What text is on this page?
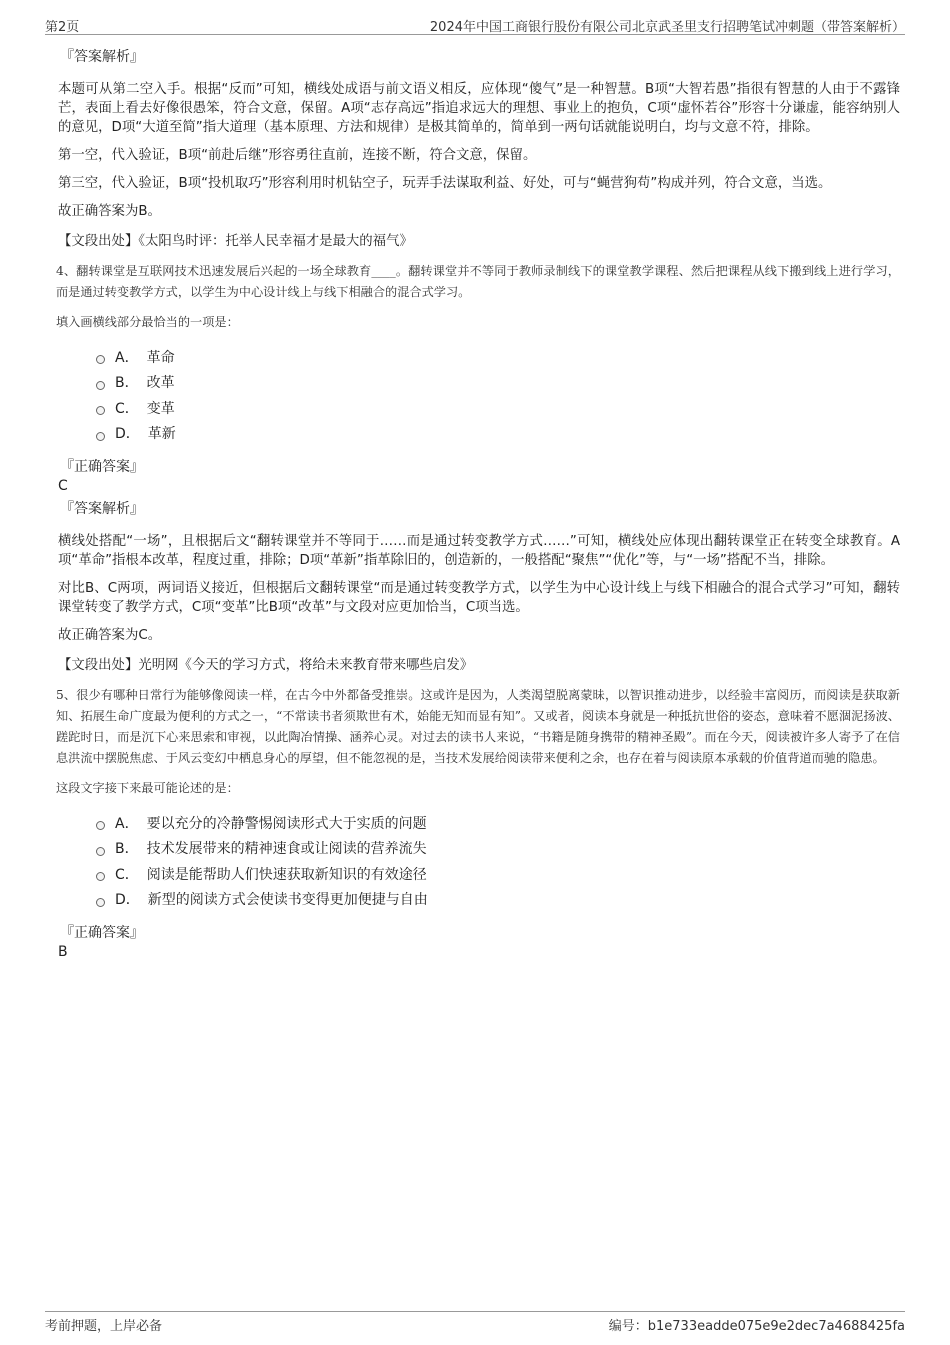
第2页	2024年中国工商银行股份有限公司北京武圣里支行招聘笔试冲刺题（带答案解析）
『答案解析』

本题可从第二空入手。根据“反而”可知，横线处成语与前文语义相反，应体现“傻气”是一种智慧。B项“大智若愚”指很有智慧的人由于不露锋芒，表面上看去好像很愚笨，符合文意，保留。A项“志存高远”指追求远大的理想、事业上的抱负，C项“虚怀若谷”形容十分谦虚，能容纳别人的意见，D项“大道至简”指大道理（基本原理、方法和规律）是极其简单的，简单到一两句话就能说明白，均与文意不符，排除。

第一空，代入验证，B项“前赴后继”形容勇往直前，连接不断，符合文意，保留。

第三空，代入验证，B项“投机取巧”形容利用时机钻空子，玩弄手法谋取利益、好处，可与“蝇营狗苟”构成并列，符合文意，当选。

故正确答案为B。

【文段出处】《太阳鸟时评：托举人民幸福才是最大的福气》

4、翻转课堂是互联网技术迅速发展后兴起的一场全球教育____。翻转课堂并不等同于教师录制线下的课堂教学课程、然后把课程从线下搬到线上进行学习，而是通过转变教学方式，以学生为中心设计线上与线下相融合的混合式学习。

填入画横线部分最恰当的一项是：
A． 革命
B． 改革
C． 变革
D． 革新
『正确答案』
C
『答案解析』

横线处搭配“一场”，且根据后文“翻转课堂并不等同于……而是通过转变教学方式……”可知，横线处应体现出翻转课堂正在转变全球教育。A项“革命”指根本改革，程度过重，排除；D项“革新”指革除旧的，创造新的，一般搭配“聚焦”“优化”等，与“一场”搭配不当，排除。

对比B、C两项，两词语义接近，但根据后文翻转课堂“而是通过转变教学方式，以学生为中心设计线上与线下相融合的混合式学习”可知，翻转课堂转变了教学方式，C项“变革”比B项“改革”与文段对应更加恰当，C项当选。

故正确答案为C。

【文段出处】光明网《今天的学习方式，将给未来教育带来哪些启发》

5、很少有哪种日常行为能够像阅读一样，在古今中外都备受推崇。这或许是因为，人类渴望脱离蒙昧，以智识推动进步，以经验丰富阅历，而阅读是获取新知、拓展生命广度最为便利的方式之一，“不常读书者须欺世有术，始能无知而显有知”。又或者，阅读本身就是一种抵抗世俗的姿态，意味着不愿涸泥扬波、蹉跎时日，而是沉下心来思索和审视，以此陶冶情操、涵养心灵。对过去的读书人来说，“书籍是随身携带的精神圣殿”。而在今天，阅读被许多人寄予了在信息洪流中摆脱焦虑、于风云变幻中栖息身心的厚望，但不能忽视的是，当技术发展给阅读带来便利之余，也存在着与阅读原本承载的价值背道而驰的隐患。

这段文字接下来最可能论述的是：
A． 要以充分的冷静警惕阅读形式大于实质的问题
B． 技术发展带来的精神速食或让阅读的营养流失
C． 阅读是能帮助人们快速获取新知识的有效途径
D． 新型的阅读方式会使读书变得更加便捷与自由
『正确答案』
B
考前押题，上岸必备	编号：b1e733eadde075e9e2dec7a4688425fa
